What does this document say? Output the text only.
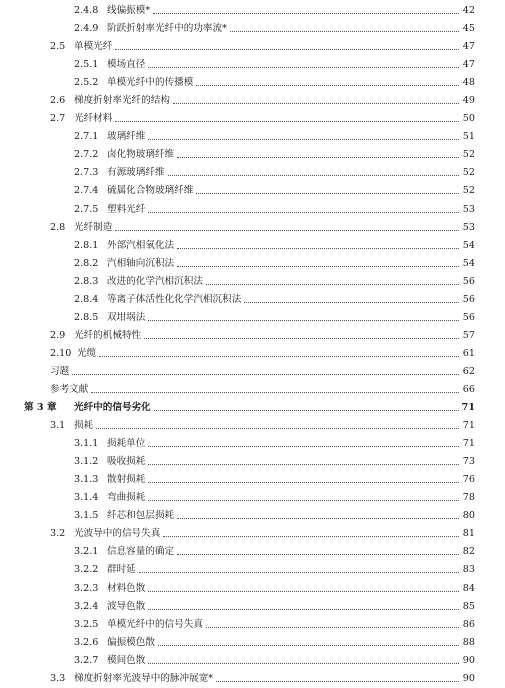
2.4.8 线偏振模*	42
2.4.9 阶跃折射率光纤中的功率流*	45
2.5 单模光纤	47
2.5.1 模场直径	47
2.5.2 单模光纤中的传播模	48
2.6 梯度折射率光纤的结构	49
2.7 光纤材料	50
2.7.1 玻璃纤维	51
2.7.2 卤化物玻璃纤维	52
2.7.3 有源玻璃纤维	52
2.7.4 硫属化合物玻璃纤维	52
2.7.5 塑料光纤	53
2.8 光纤制造	53
2.8.1 外部汽相氧化法	54
2.8.2 汽相轴向沉积法	54
2.8.3 改进的化学汽相沉积法	56
2.8.4 等离子体活性化化学汽相沉积法	56
2.8.5 双坩埚法	56
2.9 光纤的机械特性	57
2.10 光缆	61
习题	62
参考文献	66
第 3 章 光纤中的信号劣化	71
3.1 损耗	71
3.1.1 损耗单位	71
3.1.2 吸收损耗	73
3.1.3 散射损耗	76
3.1.4 弯曲损耗	78
3.1.5 纤芯和包层损耗	80
3.2 光波导中的信号失真	81
3.2.1 信息容量的确定	82
3.2.2 群时延	83
3.2.3 材料色散	84
3.2.4 波导色散	85
3.2.5 单模光纤中的信号失真	86
3.2.6 偏振模色散	88
3.2.7 模间色散	90
3.3 梯度折射率光波导中的脉冲展宽*	90
